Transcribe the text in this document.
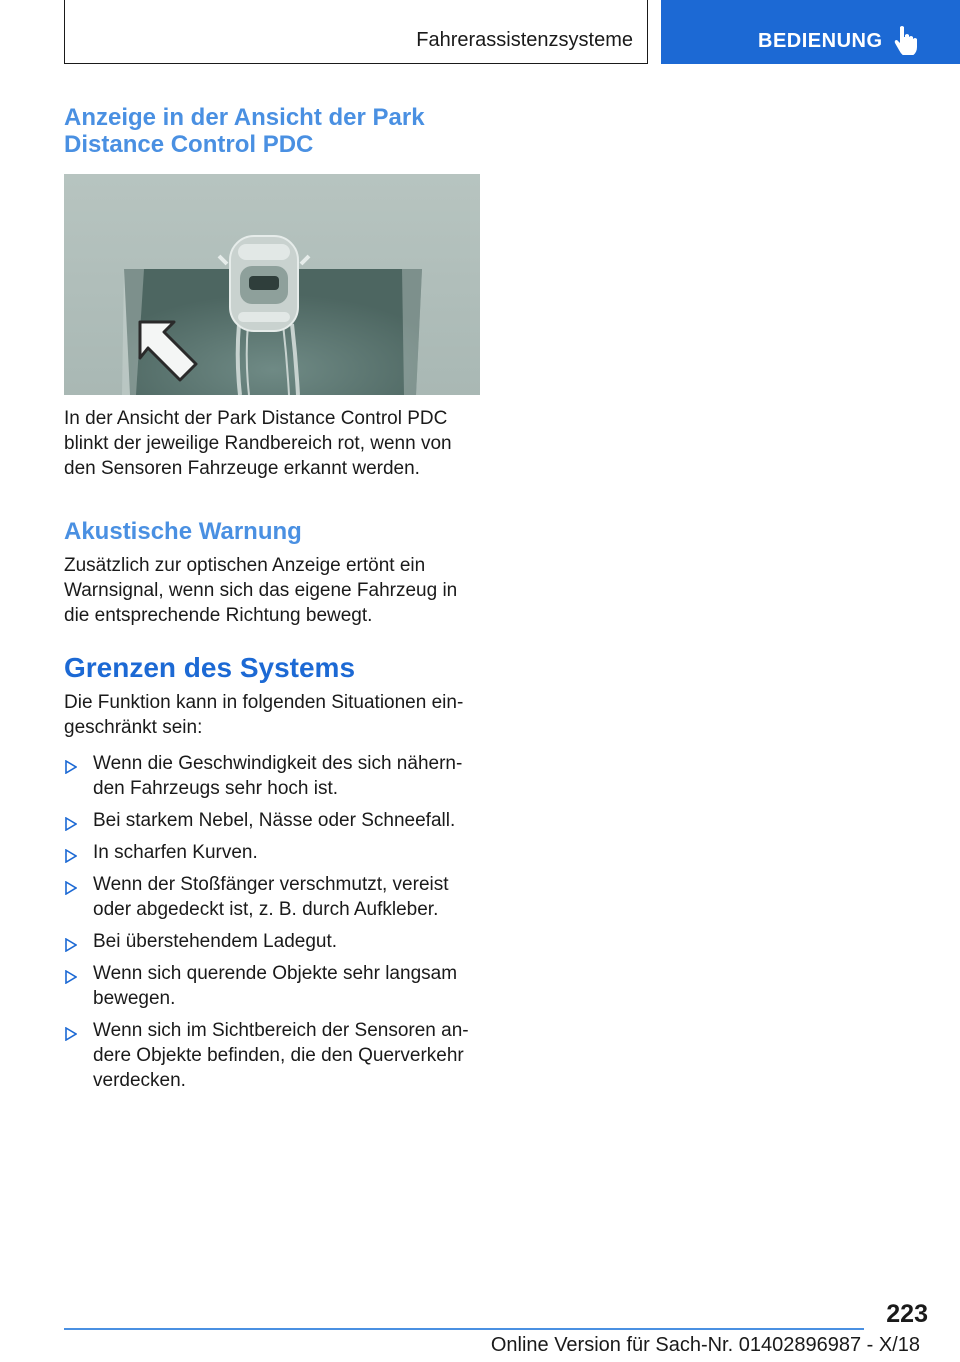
Fahrerassistenzsysteme	BEDIENUNG
Anzeige in der Ansicht der Park
Distance Control PDC

In der Ansicht der Park Distance Control PDC blinkt der jeweilige Randbereich rot, wenn von den Sensoren Fahrzeuge erkannt werden.

Akustische Warnung

Zusätzlich zur optischen Anzeige ertönt ein Warnsignal, wenn sich das eigene Fahrzeug in die entsprechende Richtung bewegt.

Grenzen des Systems

Die Funktion kann in folgenden Situationen eingeschränkt sein:

Wenn die Geschwindigkeit des sich nähernden Fahrzeugs sehr hoch ist.
Bei starkem Nebel, Nässe oder Schneefall.
In scharfen Kurven.
Wenn der Stoßfänger verschmutzt, vereist oder abgedeckt ist, z. B. durch Aufkleber.
Bei überstehendem Ladegut.
Wenn sich querende Objekte sehr langsam bewegen.
Wenn sich im Sichtbereich der Sensoren andere Objekte befinden, die den Querverkehr verdecken.
223
Online Version für Sach-Nr. 01402896987 - X/18
